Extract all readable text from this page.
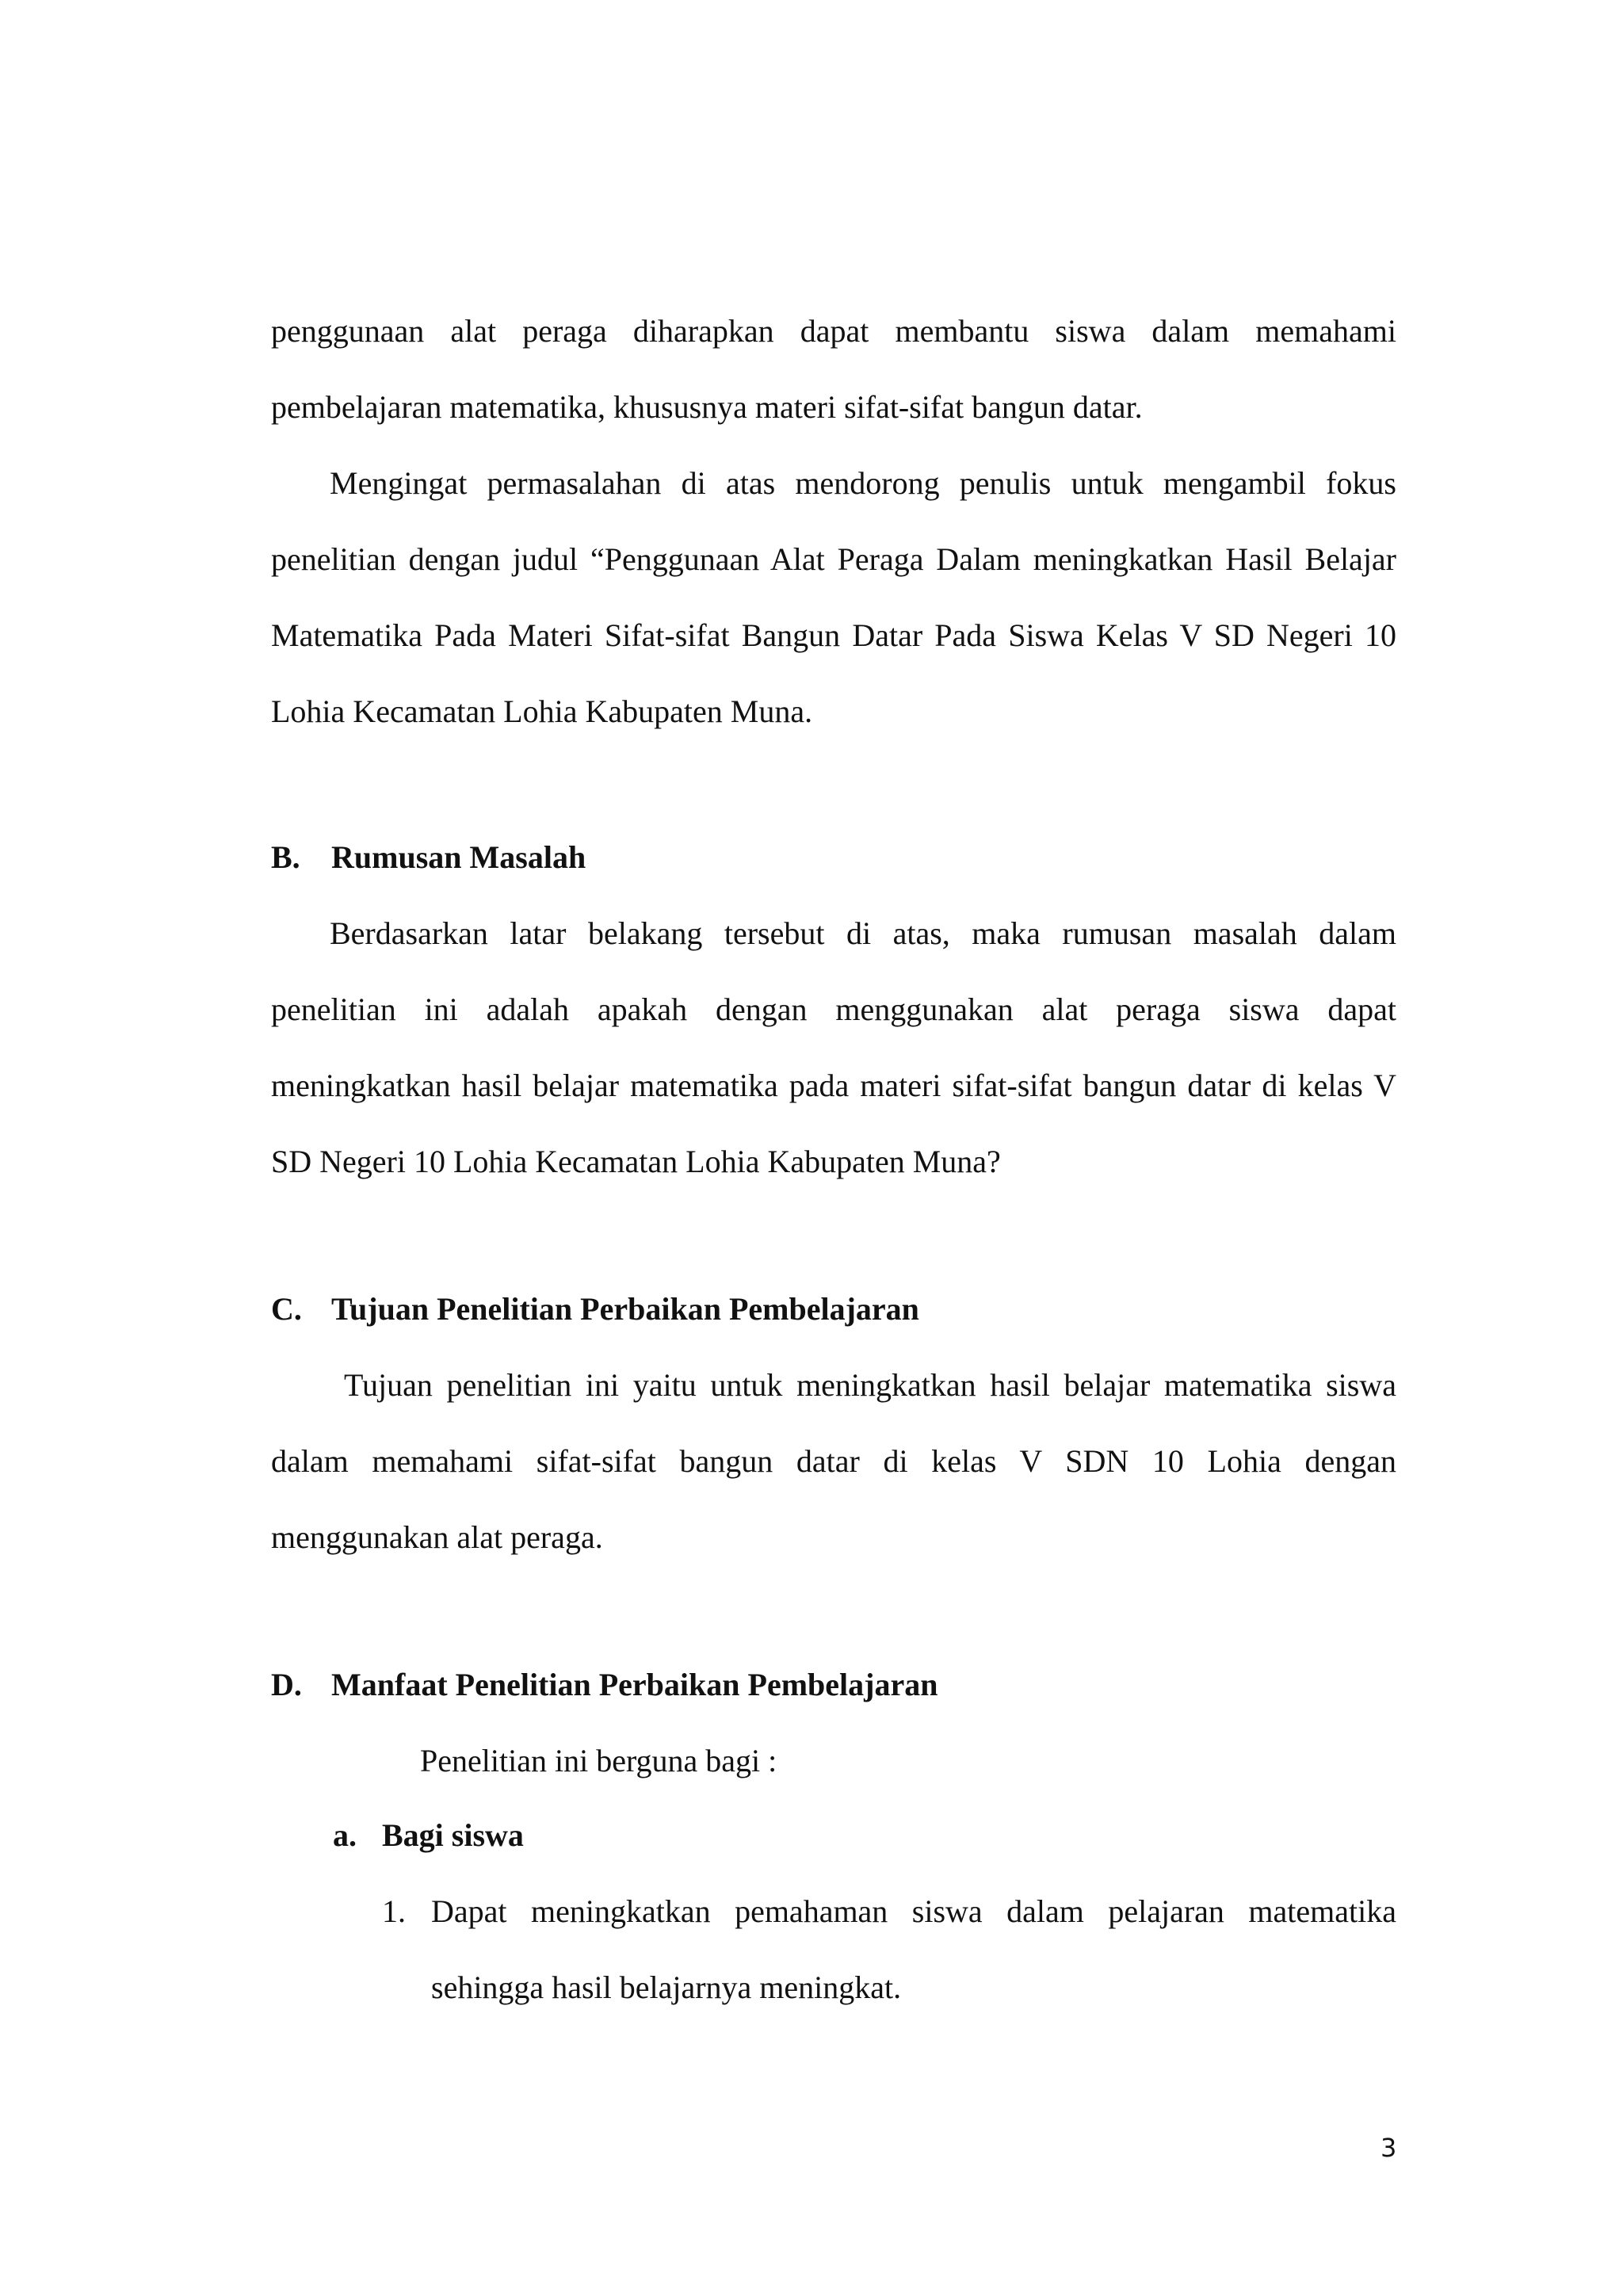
penggunaan alat peraga diharapkan dapat membantu siswa dalam memahami pembelajaran matematika, khususnya materi sifat-sifat bangun datar.

Mengingat permasalahan di atas mendorong penulis untuk mengambil fokus penelitian dengan judul “Penggunaan Alat Peraga Dalam meningkatkan Hasil Belajar Matematika Pada Materi Sifat-sifat Bangun Datar Pada Siswa Kelas V SD Negeri 10 Lohia Kecamatan Lohia Kabupaten Muna.

B. Rumusan Masalah

Berdasarkan latar belakang tersebut di atas, maka rumusan masalah dalam penelitian ini adalah apakah dengan menggunakan alat peraga siswa dapat meningkatkan hasil belajar matematika pada materi sifat-sifat bangun datar di kelas V SD Negeri 10 Lohia Kecamatan Lohia Kabupaten Muna?

C. Tujuan Penelitian Perbaikan Pembelajaran

Tujuan penelitian ini yaitu untuk meningkatkan hasil belajar matematika siswa dalam memahami sifat-sifat bangun datar di kelas V SDN 10 Lohia dengan menggunakan alat peraga.

D. Manfaat Penelitian Perbaikan Pembelajaran
Penelitian ini berguna bagi :
a. Bagi siswa
1. Dapat meningkatkan pemahaman siswa dalam pelajaran matematika sehingga hasil belajarnya meningkat.
3
